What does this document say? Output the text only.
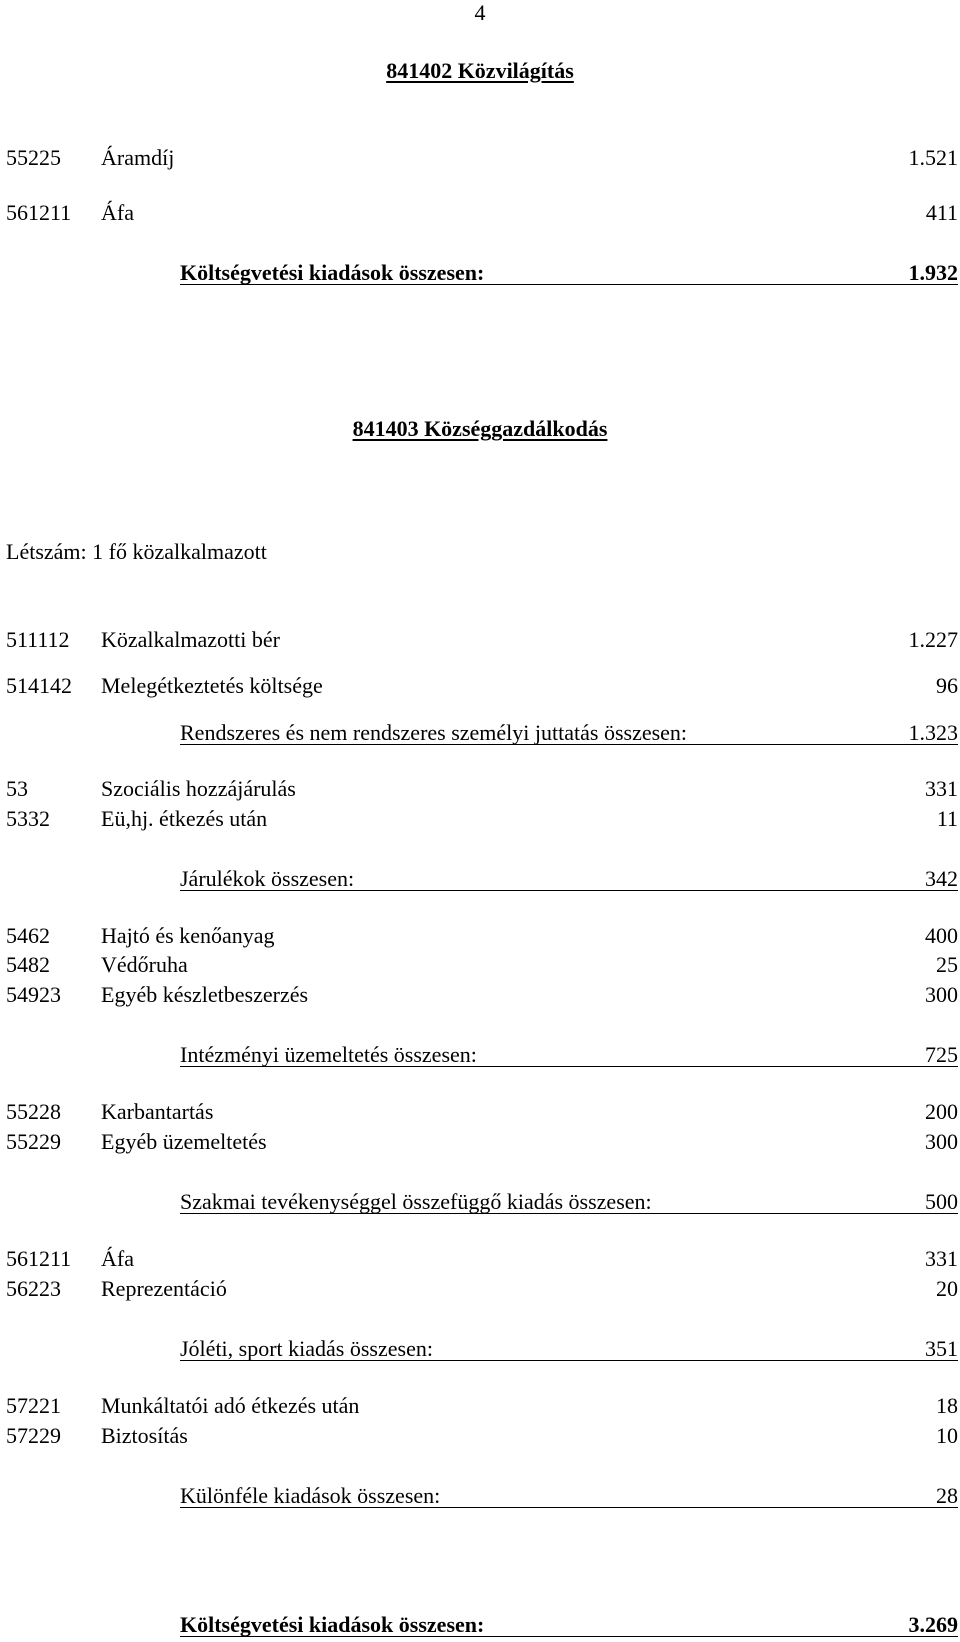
4
841402 Közvilágítás
55225 Áramdíj	1.521
561211 Áfa	411
Költségvetési kiadások összesen:	1.932
841403 Községgazdálkodás
Létszám: 1 fő közalkalmazott
511112 Közalkalmazotti bér	1.227
514142 Melegétkeztetés költsége	96
Rendszeres és nem rendszeres személyi juttatás összesen:	1.323
53	Szociális hozzájárulás	331
5332 Eü,hj. étkezés után	11
Járulékok összesen:	342
5462 Hajtó és kenőanyag	400
5482 Védőruha	25
54923 Egyéb készletbeszerzés	300
Intézményi üzemeltetés összesen:	725
55228 Karbantartás	200
55229 Egyéb üzemeltetés	300
Szakmai tevékenységgel összefüggő kiadás összesen:	500
561211 Áfa	331
56223 Reprezentáció	20
Jóléti, sport kiadás összesen:	351
57221 Munkáltatói adó étkezés után	18
57229 Biztosítás	10
Különféle kiadások összesen:	28
Költségvetési kiadások összesen:	3.269
